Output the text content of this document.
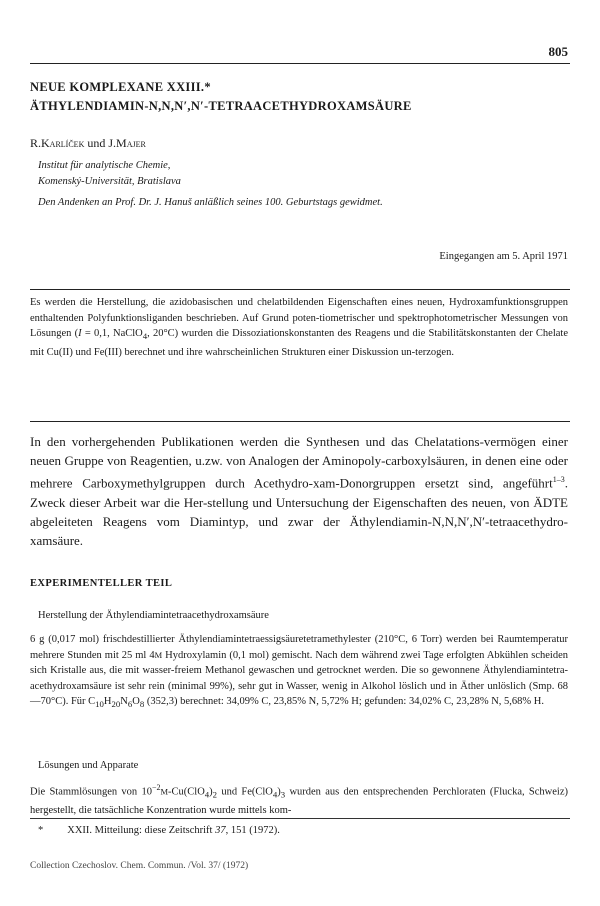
805
NEUE KOMPLEXANE XXIII.*
ÄTHYLENDIAMIN-N,N,N′,N′-TETRAACETHYDROXAMSÄURE
R.Karlíček und J.Majer
Institut für analytische Chemie,
Komenský-Universität, Bratislava
Den Andenken an Prof. Dr. J. Hanuš anläßlich seines 100. Geburtstags gewidmet.
Eingegangen am 5. April 1971

Es werden die Herstellung, die azidobasischen und chelatbildenden Eigenschaften eines neuen, Hydroxamfunktionsgruppen enthaltenden Polyfunktionsliganden beschrieben. Auf Grund poten-tiometrischer und spektrophotometrischer Messungen von Lösungen (I = 0,1, NaClO$_4$, 20°C) wurden die Dissoziationskonstanten des Reagens und die Stabilitätskonstanten der Chelate mit Cu(II) und Fe(III) berechnet und ihre wahrscheinlichen Strukturen einer Diskussion un-terzogen.

In den vorhergehenden Publikationen werden die Synthesen und das Chelatations-vermögen einer neuen Gruppe von Reagentien, u.zw. von Analogen der Aminopoly-carboxylsäuren, in denen eine oder mehrere Carboxymethylgruppen durch Acethydro-xam-Donorgruppen ersetzt sind, angeführt$^{1-3}$. Zweck dieser Arbeit war die Her-stellung und Untersuchung der Eigenschaften des neuen, von ÄDTE abgeleiteten Reagens vom Diamintyp, und zwar der Äthylendiamin-N,N,N′,N′-tetraacethydro-xamsäure.

EXPERIMENTELLER TEIL
Herstellung der Äthylendiamintetraacethydroxamsäure

6 g (0,017 mol) frischdestillierter Äthylendiamintetraessigsäuretetramethylester (210°C, 6 Torr) werden bei Raumtemperatur mehrere Stunden mit 25 ml 4M Hydroxylamin (0,1 mol) gemischt. Nach dem während zwei Tage erfolgten Abkühlen scheiden sich Kristalle aus, die mit wasser-freiem Methanol gewaschen und getrocknet werden. Die so gewonnene Äthylendiamintetra-acethydroxamsäure ist sehr rein (minimal 99%), sehr gut in Wasser, wenig in Alkohol löslich und in Äther unlöslich (Smp. 68—70°C). Für $C_{10}H_{20}N_6O_8$ (352,3) berechnet: 34,09% C, 23,85% N, 5,72% H; gefunden: 34,02% C, 23,28% N, 5,68% H.

Lösungen und Apparate

Die Stammlösungen von $10^{-2}M-Cu(ClO_4)_2$ und $Fe(ClO_4)_3$ wurden aus den entsprechenden Perchloraten (Flucka, Schweiz) hergestellt, die tatsächliche Konzentration wurde mittels kom-

* XXII. Mitteilung: diese Zeitschrift 37, 151 (1972).
Collection Czechoslov. Chem. Commun. /Vol. 37/ (1972)
